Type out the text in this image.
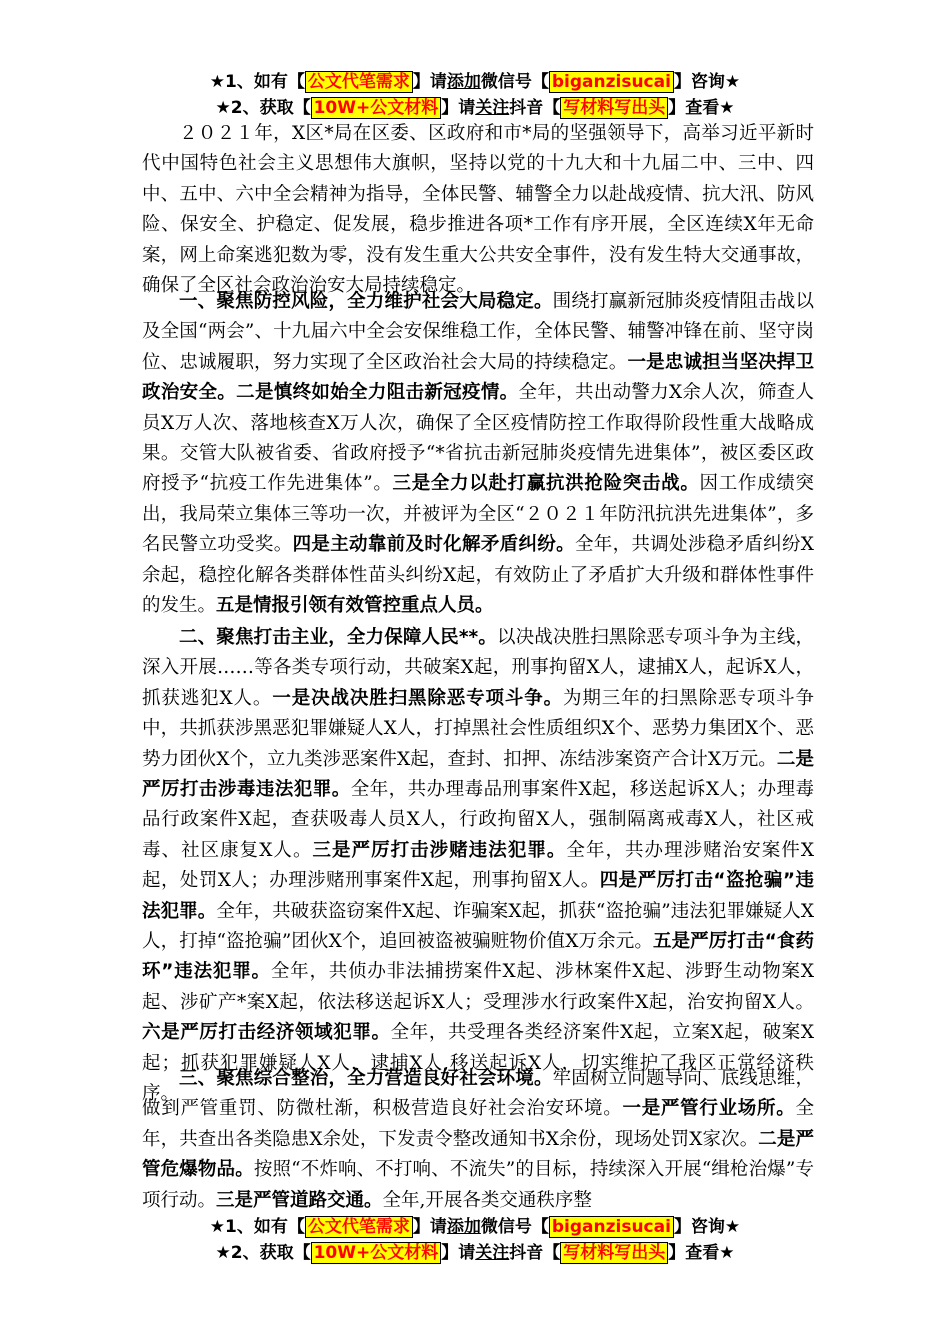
★1、如有【 公文代笔需求 】请添加微信号【 biganzisucai 】咨询★
★2、获取【 10W+公文材料 】请关注抖音【 写材料写出头 】查看★

２０２１年，X区*局在区委、区政府和市*局的坚强领导下，高举习近平新时代中国特色社会主义思想伟大旗帜，坚持以党的十九大和十九届二中、三中、四中、五中、六中全会精神为指导，全体民警、辅警全力以赴战疫情、抗大汛、防风险、保安全、护稳定、促发展，稳步推进各项*工作有序开展，全区连续X年无命案，网上命案逃犯数为零，没有发生重大公共安全事件，没有发生特大交通事故，确保了全区社会政治治安大局持续稳定。

一、聚焦防控风险，全力维护社会大局稳定。围绕打赢新冠肺炎疫情阻击战以及全国“两会”、十九届六中全会安保维稳工作，全体民警、辅警冲锋在前、坚守岗位、忠诚履职，努力实现了全区政治社会大局的持续稳定。一是忠诚担当坚决捍卫政治安全。二是慎终如始全力阻击新冠疫情。全年，共出动警力X余人次，筛查人员X万人次、落地核查X万人次，确保了全区疫情防控工作取得阶段性重大战略成果。交管大队被省委、省政府授予“*省抗击新冠肺炎疫情先进集体”，被区委区政府授予“抗疫工作先进集体”。三是全力以赴打赢抗洪抢险突击战。因工作成绩突出，我局荣立集体三等功一次，并被评为全区“２０２１年防汛抗洪先进集体”，多名民警立功受奖。四是主动靠前及时化解矛盾纠纷。全年，共调处涉稳矛盾纠纷X余起，稳控化解各类群体性苗头纠纷X起，有效防止了矛盾扩大升级和群体性事件的发生。五是情报引领有效管控重点人员。

二、聚焦打击主业，全力保障人民**。以决战决胜扫黑除恶专项斗争为主线，深入开展……等各类专项行动，共破案X起，刑事拘留X人，逮捕X人，起诉X人，抓获逃犯X人。一是决战决胜扫黑除恶专项斗争。为期三年的扫黑除恶专项斗争中，共抓获涉黑恶犯罪嫌疑人X人，打掉黑社会性质组织X个、恶势力集团X个、恶势力团伙X个，立九类涉恶案件X起，查封、扣押、冻结涉案资产合计X万元。二是严厉打击涉毒违法犯罪。全年，共办理毒品刑事案件X起，移送起诉X人；办理毒品行政案件X起，查获吸毒人员X人，行政拘留X人，强制隔离戒毒X人，社区戒毒、社区康复X人。三是严厉打击涉赌违法犯罪。全年，共办理涉赌治安案件X起，处罚X人；办理涉赌刑事案件X起，刑事拘留X人。四是严厉打击“盗抢骗”违法犯罪。全年，共破获盗窃案件X起、诈骗案X起，抓获“盗抢骗”违法犯罪嫌疑人X人，打掉“盗抢骗”团伙X个，追回被盗被骗赃物价值X万余元。五是严厉打击“食药环”违法犯罪。全年，共侦办非法捕捞案件X起、涉林案件X起、涉野生动物案X起、涉矿产*案X起，依法移送起诉X人；受理涉水行政案件X起，治安拘留X人。六是严厉打击经济领域犯罪。全年，共受理各类经济案件X起，立案X起，破案X起；抓获犯罪嫌疑人X人，逮捕X人,移送起诉X人，切实维护了我区正常经济秩序。

三、聚焦综合整治，全力营造良好社会环境。牢固树立问题导向、底线思维，做到严管重罚、防微杜渐，积极营造良好社会治安环境。一是严管行业场所。全年，共查出各类隐患X余处，下发责令整改通知书X余份，现场处罚X家次。二是严管危爆物品。按照“不炸响、不打响、不流失”的目标，持续深入开展“缉枪治爆”专项行动。三是严管道路交通。全年,开展各类交通秩序整

★1、如有【 公文代笔需求 】请添加微信号【 biganzisucai 】咨询★
★2、获取【 10W+公文材料 】请关注抖音【 写材料写出头 】查看★
